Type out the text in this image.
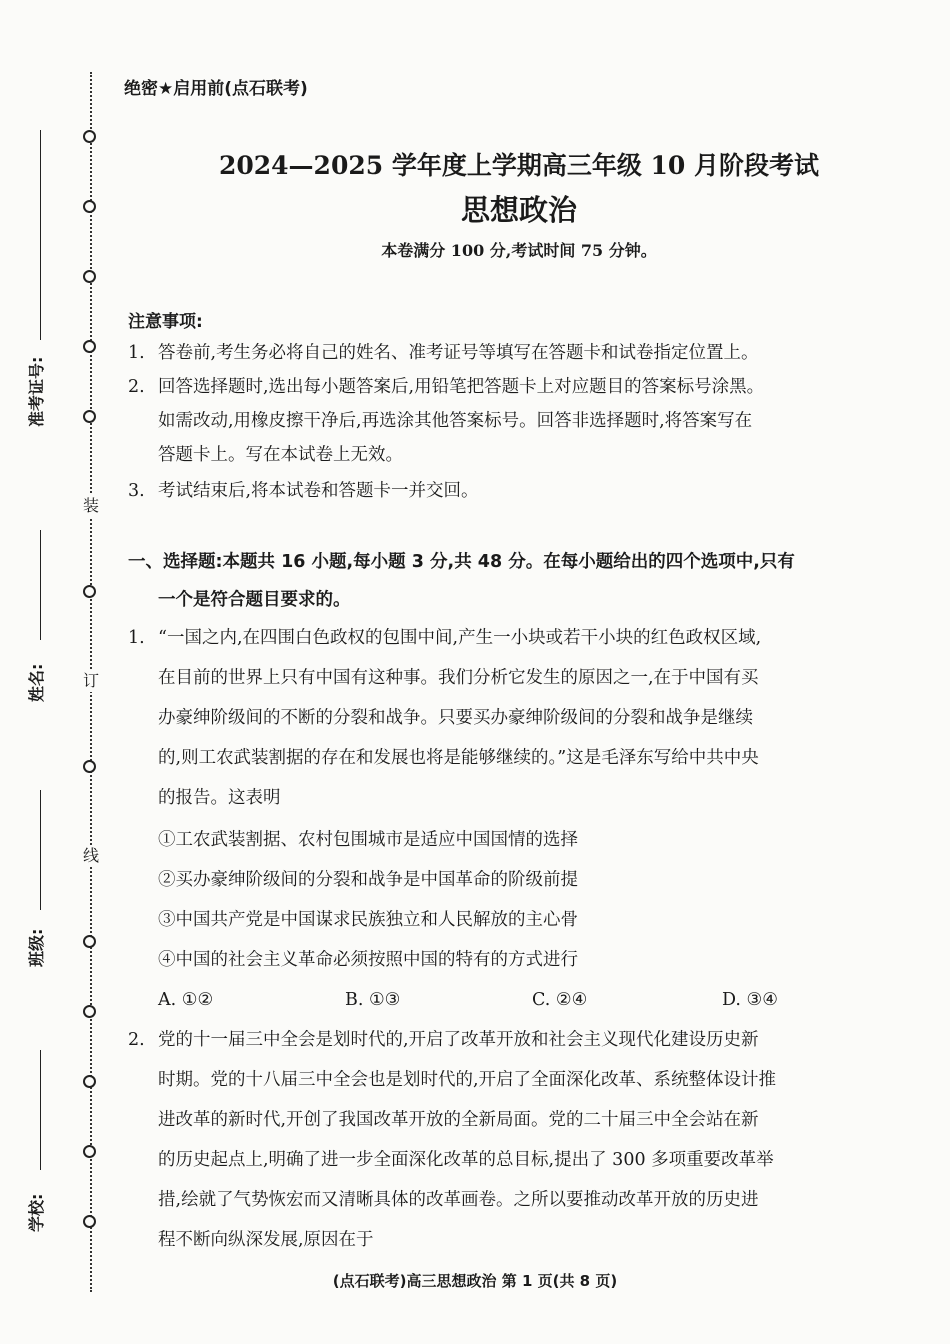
装
订
线
准考证号:
姓名:
班级:
学校:
绝密★启用前(点石联考)
2024—2025 学年度上学期高三年级 10 月阶段考试
思想政治
本卷满分 100 分,考试时间 75 分钟。
注意事项:
1. 答卷前,考生务必将自己的姓名、准考证号等填写在答题卡和试卷指定位置上。
2. 回答选择题时,选出每小题答案后,用铅笔把答题卡上对应题目的答案标号涂黑。
如需改动,用橡皮擦干净后,再选涂其他答案标号。回答非选择题时,将答案写在
答题卡上。写在本试卷上无效。
3. 考试结束后,将本试卷和答题卡一并交回。
一、选择题:本题共 16 小题,每小题 3 分,共 48 分。在每小题给出的四个选项中,只有
一个是符合题目要求的。
1. “一国之内,在四围白色政权的包围中间,产生一小块或若干小块的红色政权区域,
在目前的世界上只有中国有这种事。我们分析它发生的原因之一,在于中国有买
办豪绅阶级间的不断的分裂和战争。只要买办豪绅阶级间的分裂和战争是继续
的,则工农武装割据的存在和发展也将是能够继续的。”这是毛泽东写给中共中央
的报告。这表明
①工农武装割据、农村包围城市是适应中国国情的选择
②买办豪绅阶级间的分裂和战争是中国革命的阶级前提
③中国共产党是中国谋求民族独立和人民解放的主心骨
④中国的社会主义革命必须按照中国的特有的方式进行
A. ①②	B. ①③	C. ②④	D. ③④
2. 党的十一届三中全会是划时代的,开启了改革开放和社会主义现代化建设历史新
时期。党的十八届三中全会也是划时代的,开启了全面深化改革、系统整体设计推
进改革的新时代,开创了我国改革开放的全新局面。党的二十届三中全会站在新
的历史起点上,明确了进一步全面深化改革的总目标,提出了 300 多项重要改革举
措,绘就了气势恢宏而又清晰具体的改革画卷。之所以要推动改革开放的历史进
程不断向纵深发展,原因在于
(点石联考)高三思想政治 第 1 页(共 8 页)
